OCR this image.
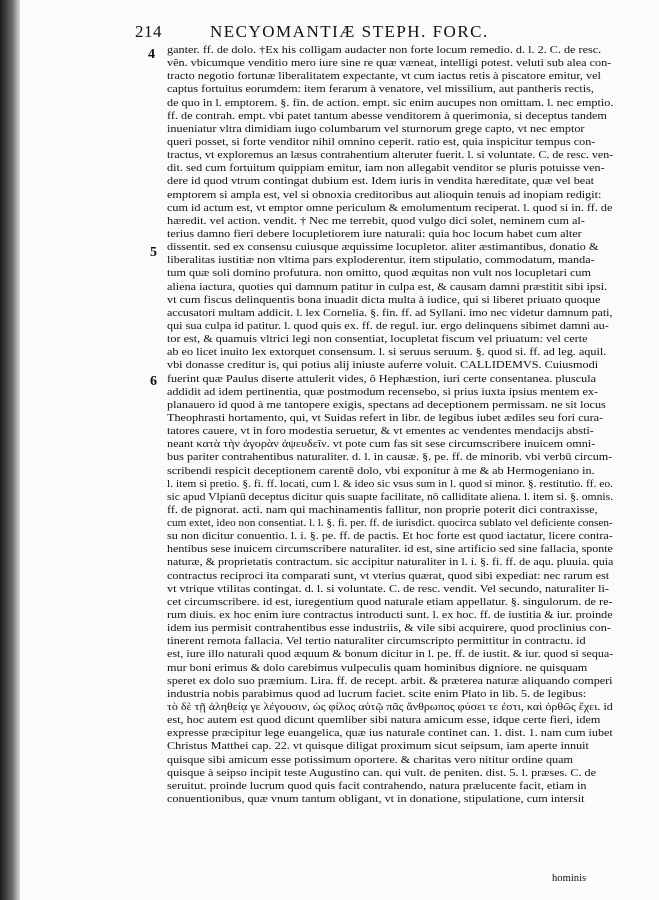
214	NECYOMANTIÆ STEPH. FORC.
4
5
6
ganter. ff. de dolo. †Ex his colligam audacter non forte locum remedio. d. l. 2. C. de resc.
vẽn. vbicumque venditio mero iure sine re quæ væneat, intelligi potest. veluti sub alea con-
tracto negotio fortunæ liberalitatem expectante, vt cum iactus retis à piscatore emitur, vel
captus fortuitus eorumdem: item ferarum à venatore, vel missilium, aut pantheris rectis,
de quo in l. emptorem. §. fin. de action. empt. sic enim aucupes non omittam. l. nec emptio.
ff. de contrah. empt. vbi patet tantum abesse venditorem à querimonia, si deceptus tandem
inueniatur vltra dimidiam iugo columbarum vel sturnorum grege capto, vt nec emptor
queri posset, si forte venditor nihil omnino ceperit. ratio est, quia inspicitur tempus con-
tractus, vt exploremus an læsus contrahentium alteruter fuerit. l. si voluntate. C. de resc. ven-
dit. sed cum fortuitum quippiam emitur, iam non allegabit venditor se pluris potuisse ven-
dere id quod vtrum contingat dubium est. Idem iuris in vendita hæreditate, quæ vel beat
emptorem si ampla est, vel si obnoxia creditoribus aut alioquin tenuis ad inopiam redigit:
cum id actum est, vt emptor omne periculum & emolumentum reciperat. l. quod si in. ff. de
hæredit. vel action. vendit. † Nec me terrebit, quod vulgo dici solet, neminem cum al-
terius damno fieri debere locupletiorem iure naturali: quia hoc locum habet cum alter
dissentit. sed ex consensu cuiusque æquissime locupletor. aliter æstimantibus, donatio &
liberalitas iustitiæ non vltima pars exploderentur. item stipulatio, commodatum, manda-
tum quæ soli domino profutura. non omitto, quod æquitas non vult nos locupletari cum
aliena iactura, quoties qui damnum patitur in culpa est, & causam damni præstitit sibi ipsi.
vt cum fiscus delinquentis bona inuadit dicta multa à iudice, qui si liberet priuato quoque
accusatori multam addicit. l. lex Cornelia. §. fin. ff. ad Syllani. imo nec videtur damnum pati,
qui sua culpa id patitur. l. quod quis ex. ff. de regul. iur. ergo delinquens sibimet damni au-
tor est, & quamuis vltrici legi non consentiat, locupletat fiscum vel priuatum: vel certe
ab eo licet inuito lex extorquet consensum. l. si seruus seruum. §. quod si. ff. ad leg. aquil.
vbi donasse creditur is, qui potius alij iniuste auferre voluit. CALLIDEMVS. Cuiusmodi
fuerint quæ Paulus diserte attulerit vides, ô Hephæstion, iuri certe consentanea. plusculа
addidit ad idem pertinentia, quæ postmodum recensebo, si prius iuxta ipsius mentem ex-
planauero id quod à me tantopere exigis, spectans ad deceptionem permissam. ne sit locus
Theophrasti hortamento, qui, vt Suidas refert in libr. de legibus iubet ædiles seu fori cura-
tatores cauere, vt in foro modestia seruetur, & vt ementes ac vendentes mendacijs absti-
neant κατὰ τὴν ἀγορὰν ἀψευδεῖν. vt pote cum fas sit sese circumscribere inuicem omni-
bus pariter contrahentibus naturaliter. d. l. in causæ. §. pe. ff. de minorib. vbi verbū circum-
scribendi respicit deceptionem carentē dolo, vbi exponitur à me & ab Hermogeniano in.
l. item si pretio. §. fi. ff. locati, cum l. & ideo sic vsus sum in l. quod si minor. §. restitutio. ff. eo.
sic apud Vlpianū deceptus dicitur quis suapte facilitate, nō calliditate aliena. l. item si. §. omnis.
ff. de pignorat. acti. nam qui machinamentis fallitur, non proprie poterit dici contraxisse,
cum extet, ideo non consentiat. l. l. §. fi. per. ff. de iurisdict. quocirca sublato vel deficiente consen-
su non dicitur conuentio. l. i. §. pe. ff. de pactis. Et hoc forte est quod iactatur, licere contra-
hentibus sese inuicem circumscribere naturaliter. id est, sine artificio sed sine fallacia, sponte
naturæ, & proprietatis contractum. sic accipitur naturaliter in l. i. §. fi. ff. de aqu. pluuia. quia
contractus reciproci ita comparati sunt, vt vterius quærat, quod sibi expediat: nec rarum est
vt vtrique vtilitas contingat. d. l. si voluntate. C. de resc. vendit. Vel secundo, naturaliter li-
cet circumscribere. id est, iuregentium quod naturale etiam appellatur. §. singulorum. de re-
rum diuis. ex hoc enim iure contractus introducti sunt. l. ex hoc. ff. de iustitia & iur. proinde
idem ius permisit contrahentibus esse industriis, & vile sibi acquirere, quod proclinius con-
tinerent remota fallacia. Vel tertio naturaliter circumscripto permittitur in contractu. id
est, iure illo naturali quod æquum & bonum dicitur in l. pe. ff. de iustit. & iur. quod si sequa-
mur boni erimus & dolo carebimus vulpeculis quam hominibus digniore. ne quisquam
speret ex dolo suo præmium. Lira. ff. de recept. arbit. & præterea naturæ aliquando comperi
industria nobis parabimus quod ad lucrum faciet. scite enim Plato in lib. 5. de legibus:
τὸ δὲ τῇ ἀληθείᾳ γε λέγουσιν, ὡς φίλος αὐτῷ πᾶς ἄνθρωπος φύσει τε ἐστι, καὶ ὀρθῶς ἔχει. id
est, hoc autem est quod dicunt quemliber sibi natura amicum esse, idque certe fieri, idem
expresse præcipitur lege euangelica, quæ ius naturale continet can. 1. dist. 1. nam cum iubet
Christus Matthei cap. 22. vt quisque diligat proximum sicut seipsum, iam aperte innuit
quisque sibi amicum esse potissimum oportere. & charitas vero nititur ordine quam
quisque à seipso incipit teste Augustino can. qui vult. de peniten. dist. 5. l. præses. C. de
seruitut. proinde lucrum quod quis facit contrahendo, natura prælucente facit, etiam in
conuentionibus, quæ vnum tantum obligant, vt in donatione, stipulatione, cum intersit
hominis
